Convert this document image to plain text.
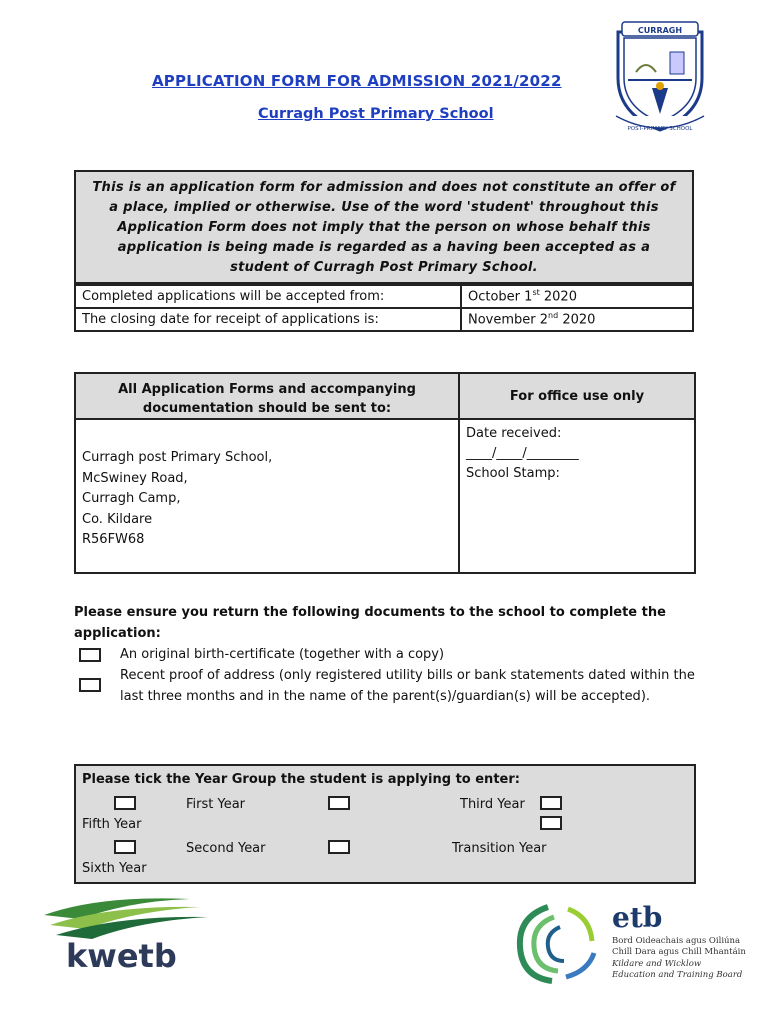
APPLICATION FORM FOR ADMISSION 2021/2022
Curragh Post Primary School
CURRAGH
POST-PRIMARY SCHOOL
This is an application form for admission and does not constitute an offer of a place, implied or otherwise. Use of the word 'student' throughout this Application Form does not imply that the person on whose behalf this application is being made is regarded as a having been accepted as a student of Curragh Post Primary School.
Completed applications will be accepted from:	October 1st 2020
The closing date for receipt of applications is:	November 2nd 2020
All Application Forms and accompanying
documentation should be sent to:
For office use only
Curragh post Primary School,
McSwiney Road,
Curragh Camp,
Co. Kildare
R56FW68
Date received:
____/____/________
School Stamp:
Please ensure you return the following documents to the school to complete the application:
An original birth-certificate (together with a copy)
Recent proof of address (only registered utility bills or bank statements dated within the last three months and in the name of the parent(s)/guardian(s) will be accepted).
Please tick the Year Group the student is applying to enter:
First Year	Third Year
Fifth Year
Second Year	Transition Year
Sixth Year
kwetb
etb
Bord Oideachais agus Oiliúna
Chill Dara agus Chill Mhantáin
Kildare and Wicklow
Education and Training Board
